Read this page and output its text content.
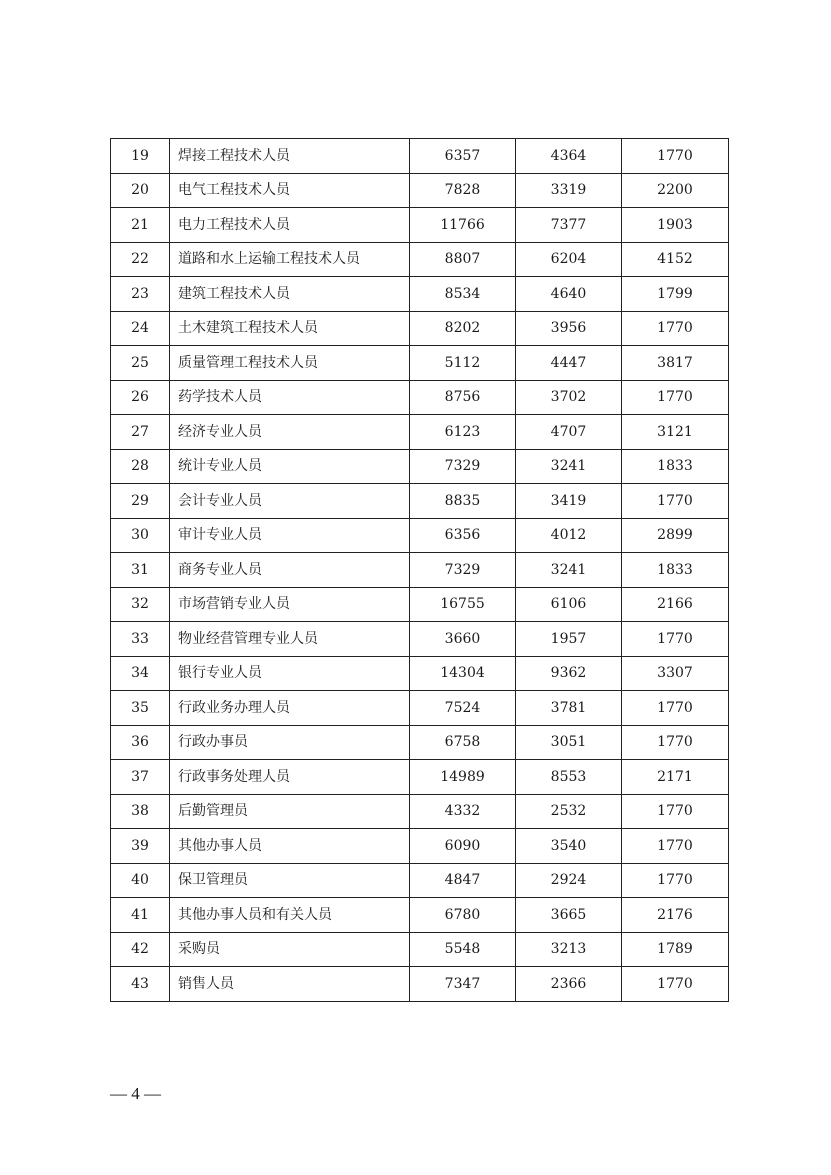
19	焊接工程技术人员	6357	4364	1770
20	电气工程技术人员	7828	3319	2200
21	电力工程技术人员	11766	7377	1903
22	道路和水上运输工程技术人员	8807	6204	4152
23	建筑工程技术人员	8534	4640	1799
24	土木建筑工程技术人员	8202	3956	1770
25	质量管理工程技术人员	5112	4447	3817
26	药学技术人员	8756	3702	1770
27	经济专业人员	6123	4707	3121
28	统计专业人员	7329	3241	1833
29	会计专业人员	8835	3419	1770
30	审计专业人员	6356	4012	2899
31	商务专业人员	7329	3241	1833
32	市场营销专业人员	16755	6106	2166
33	物业经营管理专业人员	3660	1957	1770
34	银行专业人员	14304	9362	3307
35	行政业务办理人员	7524	3781	1770
36	行政办事员	6758	3051	1770
37	行政事务处理人员	14989	8553	2171
38	后勤管理员	4332	2532	1770
39	其他办事人员	6090	3540	1770
40	保卫管理员	4847	2924	1770
41	其他办事人员和有关人员	6780	3665	2176
42	采购员	5548	3213	1789
43	销售人员	7347	2366	1770
— 4 —
